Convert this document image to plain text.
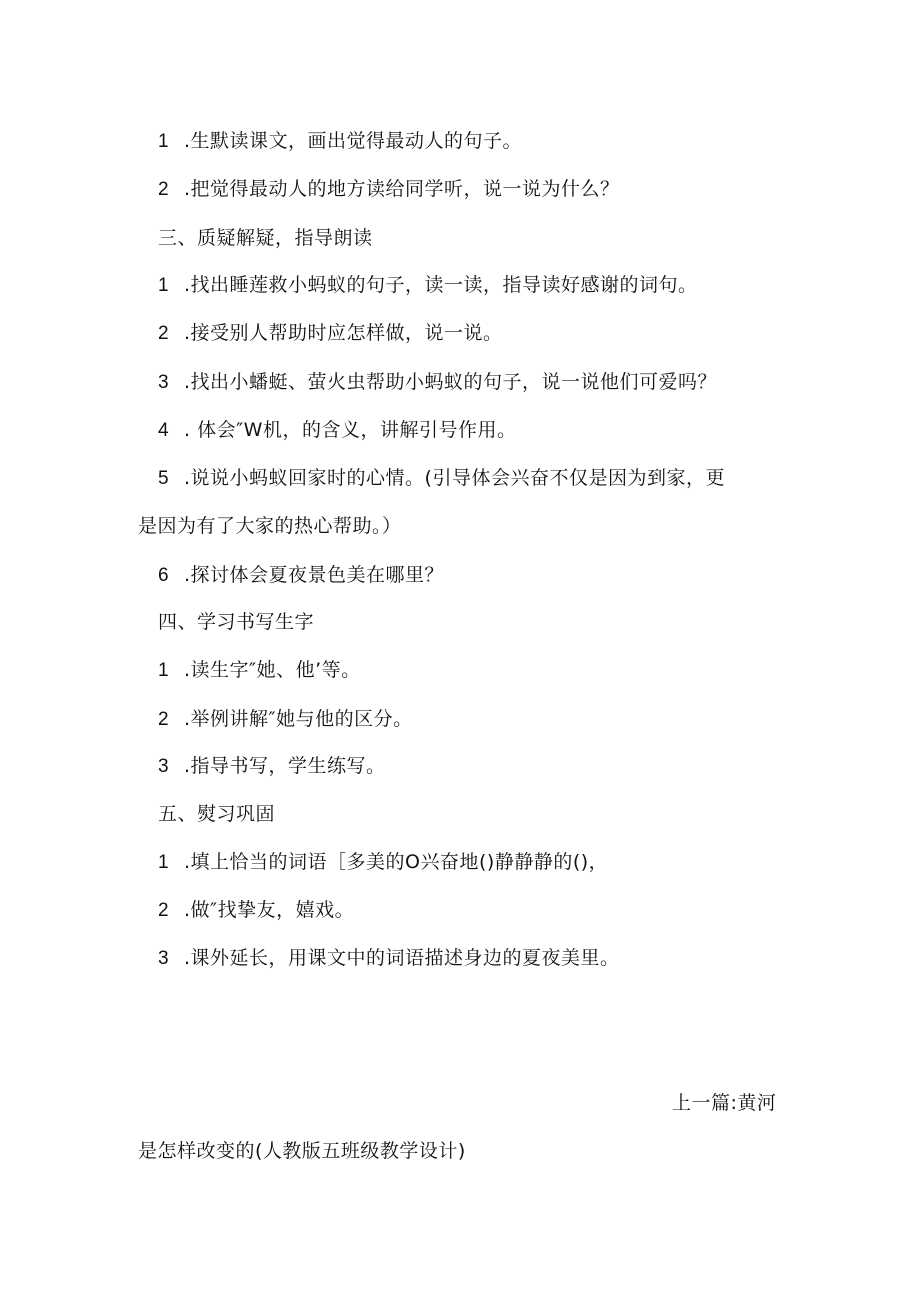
1 .生默读课文，画出觉得最动人的句子。
2 .把觉得最动人的地方读给同学听，说一说为什么？
三、质疑解疑，指导朗读
1 .找出睡莲救小蚂蚁的句子，读一读，指导读好感谢的词句。
2 .接受别人帮助时应怎样做，说一说。
3 .找出小蟠蜓、萤火虫帮助小蚂蚁的句子，说一说他们可爱吗？
4 . 体会″W机，的含义，讲解引号作用。
5 .说说小蚂蚁回家时的心情。(引导体会兴奋不仅是因为到家，更
是因为有了大家的热心帮助。）
6 .探讨体会夏夜景色美在哪里？
四、学习书写生字
1 .读生字″她、他’等。
2 .举例讲解″她与他的区分。
3 .指导书写，学生练写。
五、熨习巩固
1 .填上恰当的词语［多美的O兴奋地()静静静的()，
2 .做″找挚友，嬉戏。
3 .课外延长，用课文中的词语描述身边的夏夜美里。
上一篇:黄河
是怎样改变的(人教版五班级教学设计)
